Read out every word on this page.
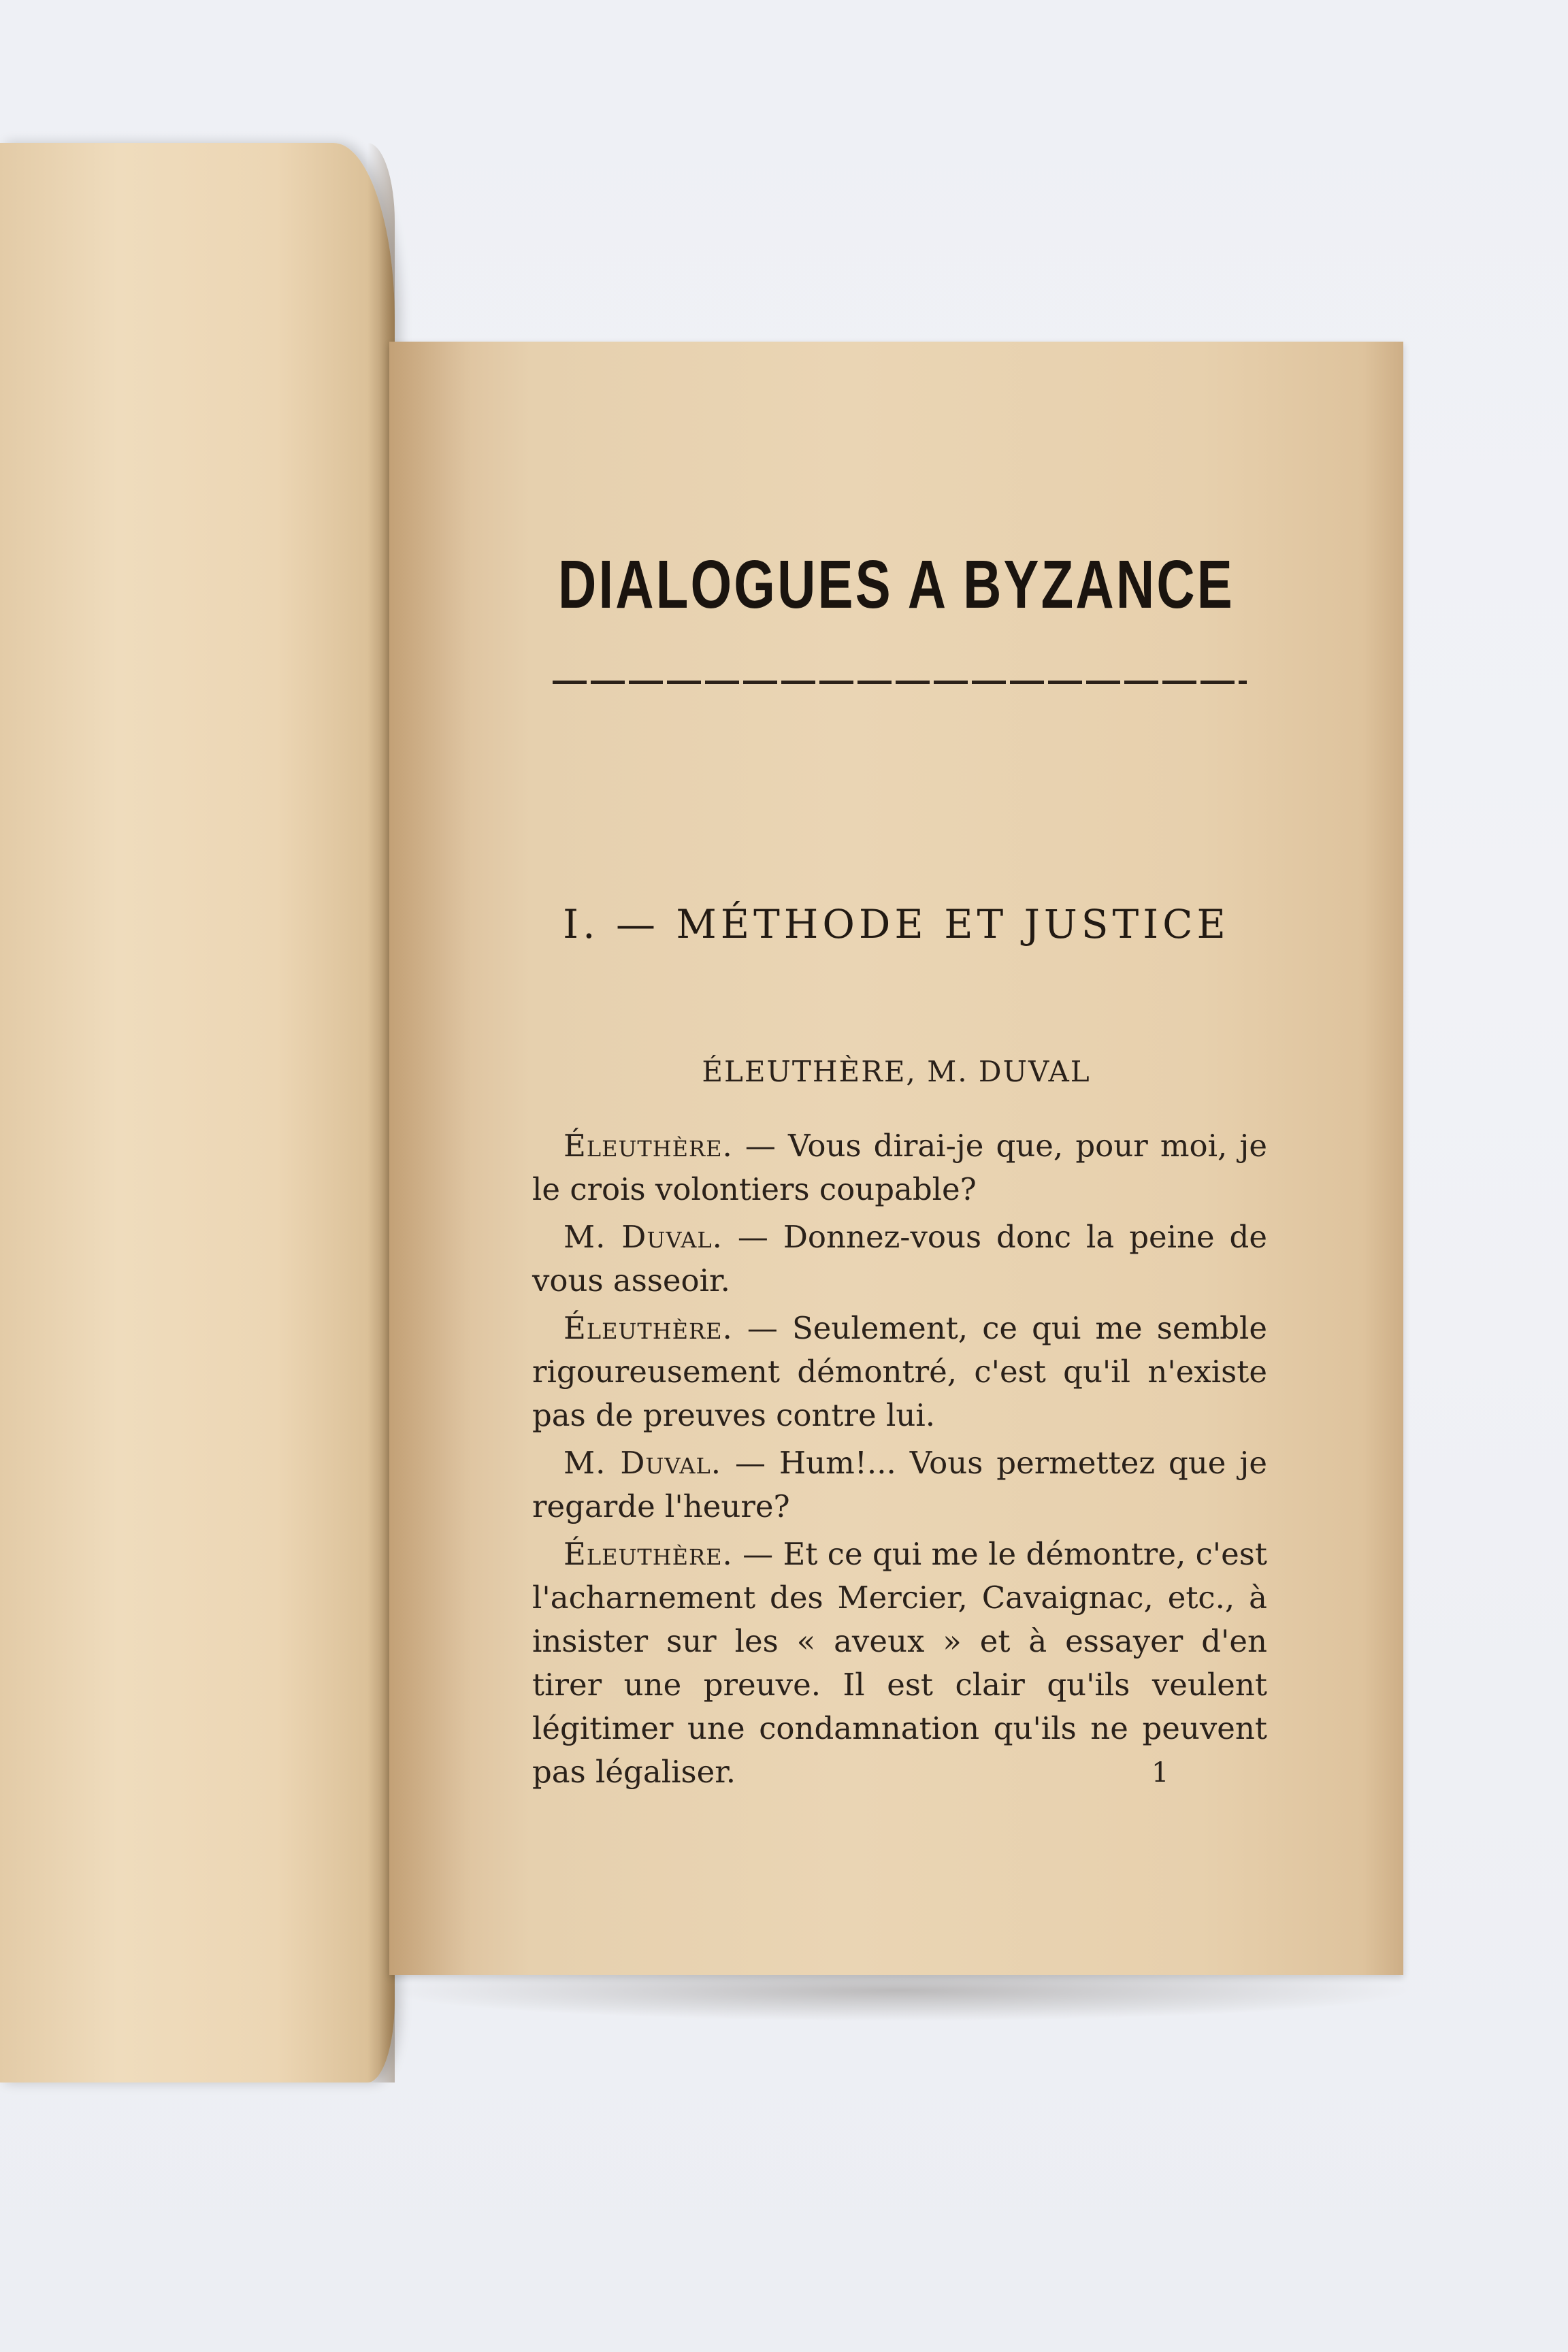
DIALOGUES A BYZANCE
I. — MÉTHODE ET JUSTICE
ÉLEUTHÈRE, M. DUVAL

Éleuthère. — Vous dirai-je que, pour moi, je le crois volontiers coupable?

M. Duval. — Donnez-vous donc la peine de vous asseoir.

Éleuthère. — Seulement, ce qui me semble rigoureusement démontré, c'est qu'il n'existe pas de preuves contre lui.

M. Duval. — Hum!... Vous permettez que je regarde l'heure?

Éleuthère. — Et ce qui me le démontre, c'est l'acharnement des Mercier, Cavaignac, etc., à insister sur les « aveux » et à essayer d'en tirer une preuve. Il est clair qu'ils veulent légitimer une condamnation qu'ils ne peuvent pas légaliser.	1
